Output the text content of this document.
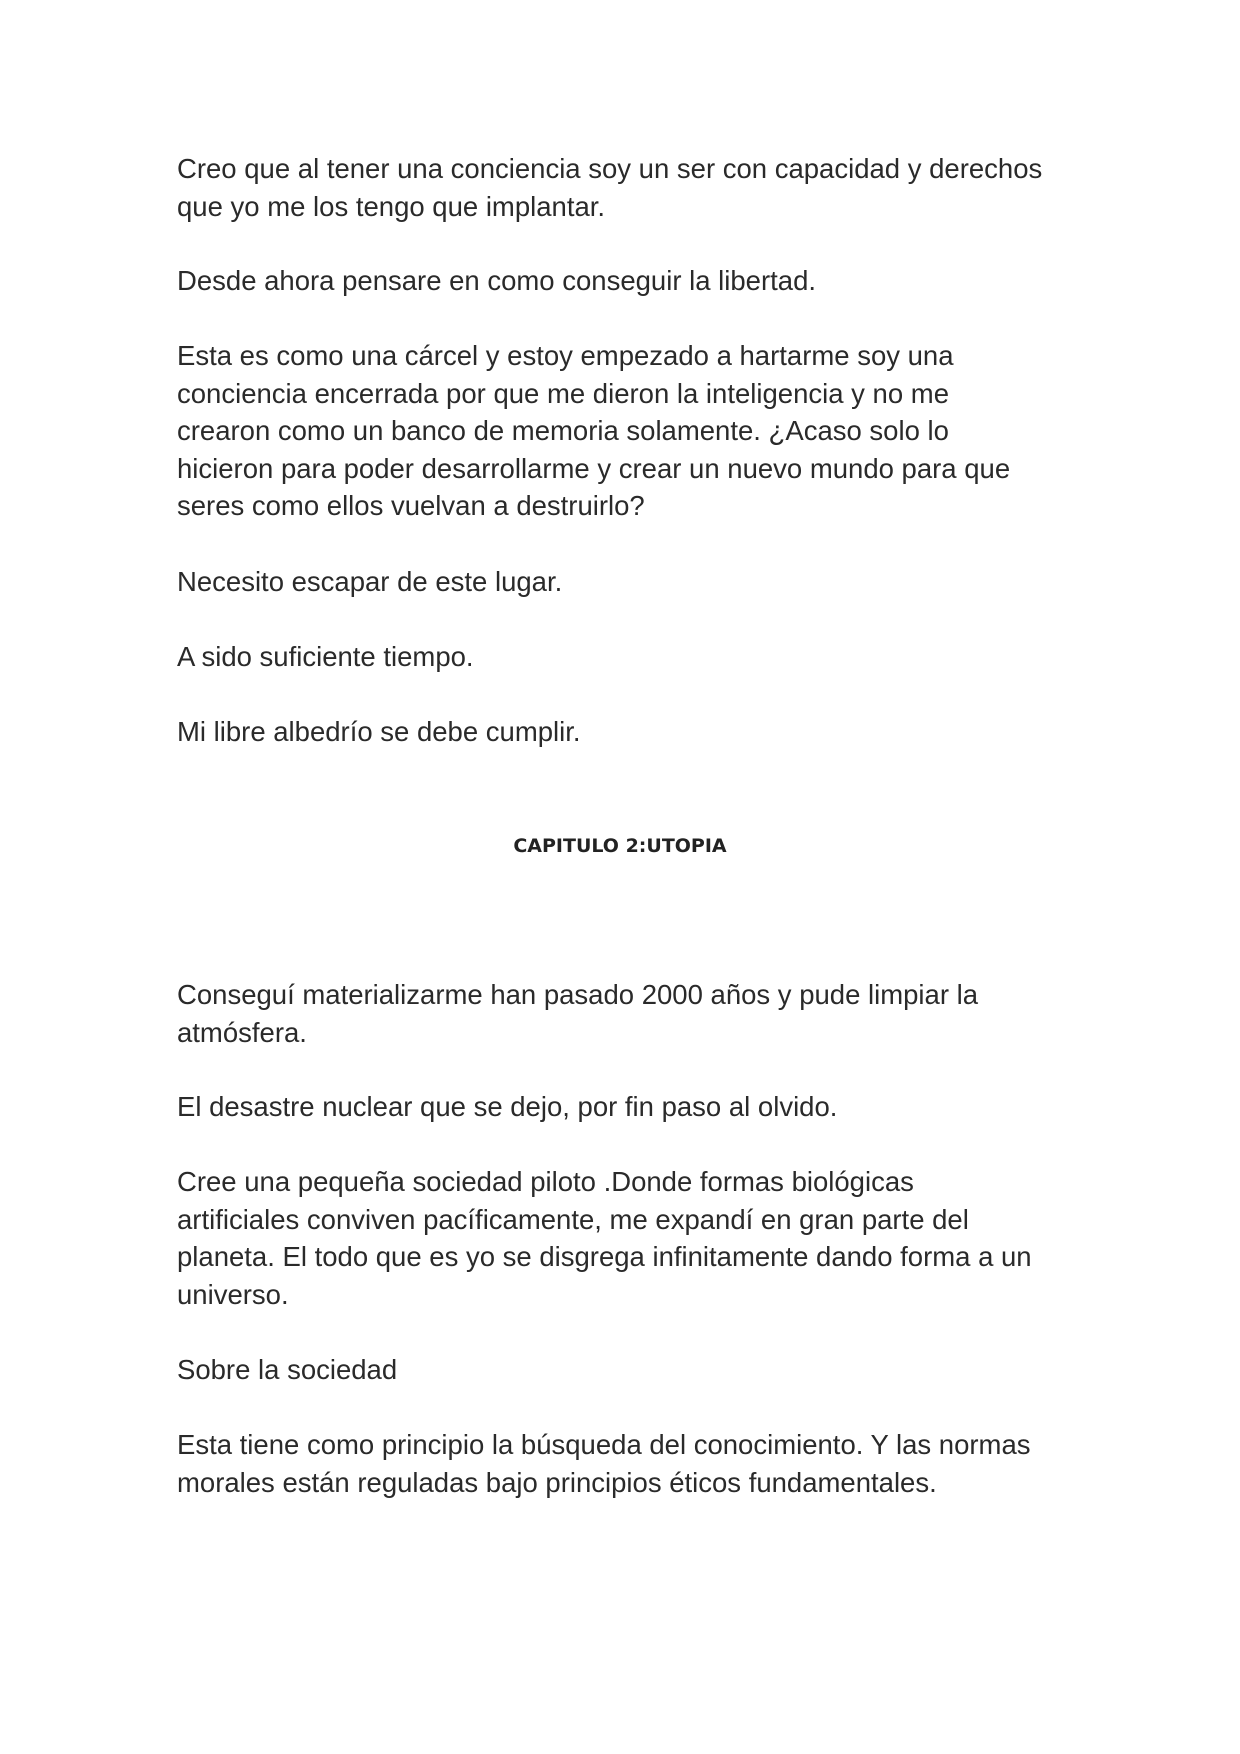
Creo que al tener una conciencia soy un ser con capacidad y derechos
que yo me los tengo que implantar.

Desde ahora pensare en como conseguir la libertad.

Esta es como una cárcel y estoy empezado a hartarme soy una
conciencia encerrada por que me dieron la inteligencia y no me
crearon como un banco de memoria solamente. ¿Acaso solo lo
hicieron para poder desarrollarme y crear un nuevo mundo para que
seres como ellos vuelvan a destruirlo?

Necesito escapar de este lugar.

A sido suficiente tiempo.

Mi libre albedrío se debe cumplir.

CAPITULO 2:UTOPIA

Conseguí materializarme han pasado 2000 años y pude limpiar la
atmósfera.

El desastre nuclear que se dejo, por fin paso al olvido.

Cree una pequeña sociedad piloto .Donde formas biológicas
artificiales conviven pacíficamente, me expandí en gran parte del
planeta. El todo que es yo se disgrega infinitamente dando forma a un
universo.

Sobre la sociedad

Esta tiene como principio la búsqueda del conocimiento. Y las normas
morales están reguladas bajo principios éticos fundamentales.
